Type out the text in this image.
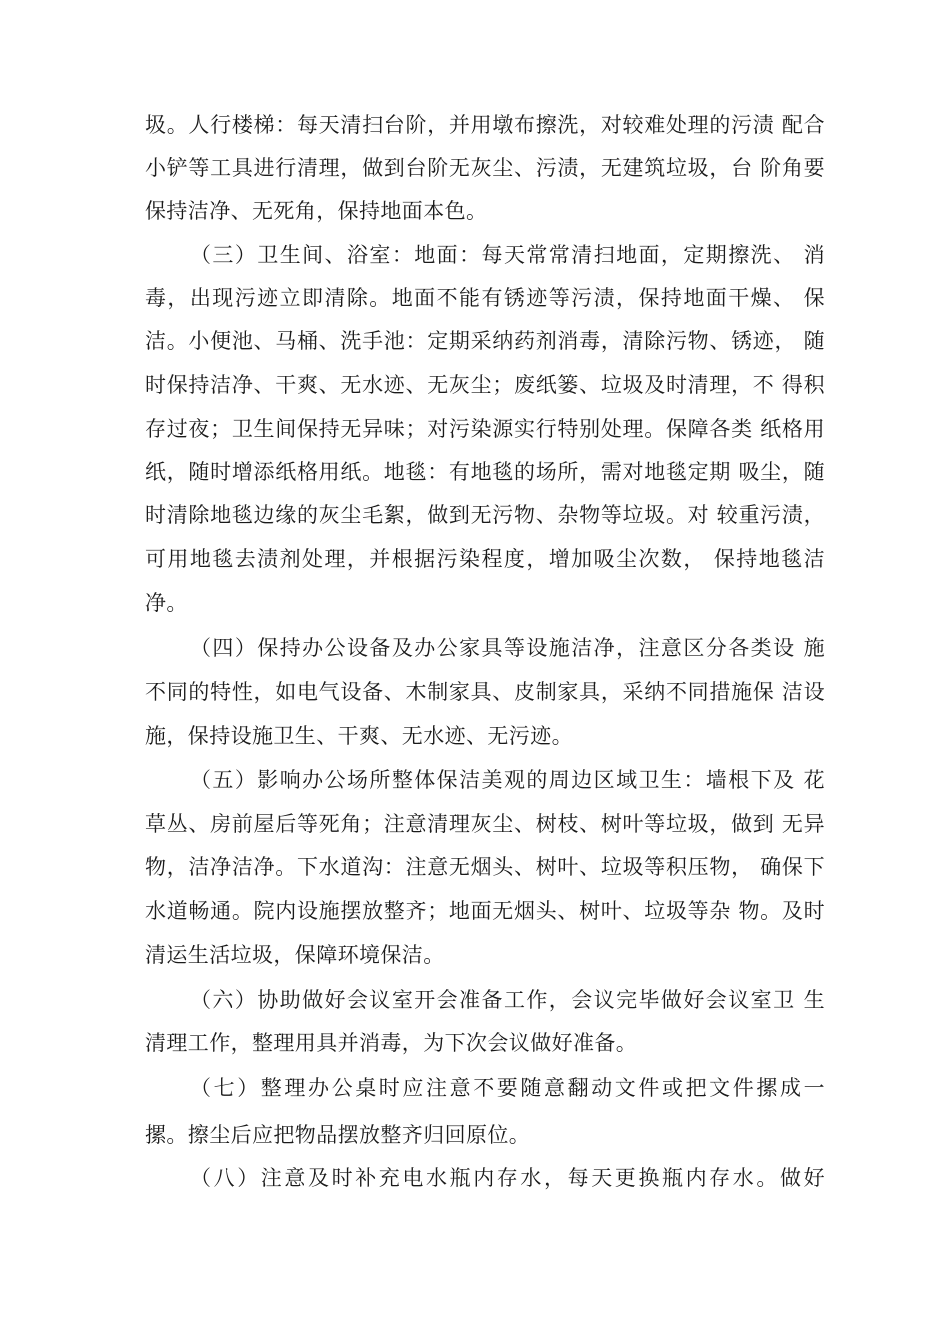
圾。人行楼梯：每天清扫台阶，并用墩布擦洗，对较难处理的污渍 配合
小铲等工具进行清理，做到台阶无灰尘、污渍，无建筑垃圾，台 阶角要
保持洁净、无死角，保持地面本色。
（三）卫生间、浴室：地面：每天常常清扫地面，定期擦洗、 消
毒，出现污迹立即清除。地面不能有锈迹等污渍，保持地面干燥、 保
洁。小便池、马桶、洗手池：定期采纳药剂消毒，清除污物、锈迹， 随
时保持洁净、干爽、无水迹、无灰尘；废纸篓、垃圾及时清理，不 得积
存过夜；卫生间保持无异味；对污染源实行特别处理。保障各类 纸格用
纸，随时增添纸格用纸。地毯：有地毯的场所，需对地毯定期 吸尘，随
时清除地毯边缘的灰尘毛絮，做到无污物、杂物等垃圾。对 较重污渍，
可用地毯去渍剂处理，并根据污染程度，增加吸尘次数， 保持地毯洁
净。
（四）保持办公设备及办公家具等设施洁净，注意区分各类设 施
不同的特性，如电气设备、木制家具、皮制家具，采纳不同措施保 洁设
施，保持设施卫生、干爽、无水迹、无污迹。
（五）影响办公场所整体保洁美观的周边区域卫生：墙根下及 花
草丛、房前屋后等死角；注意清理灰尘、树枝、树叶等垃圾，做到 无异
物，洁净洁净。下水道沟：注意无烟头、树叶、垃圾等积压物， 确保下
水道畅通。院内设施摆放整齐；地面无烟头、树叶、垃圾等杂 物。及时
清运生活垃圾，保障环境保洁。
（六）协助做好会议室开会准备工作，会议完毕做好会议室卫 生
清理工作，整理用具并消毒，为下次会议做好准备。
（七）整理办公桌时应注意不要随意翻动文件或把文件摞成一
摞。擦尘后应把物品摆放整齐归回原位。
（八）注意及时补充电水瓶内存水，每天更换瓶内存水。做好
